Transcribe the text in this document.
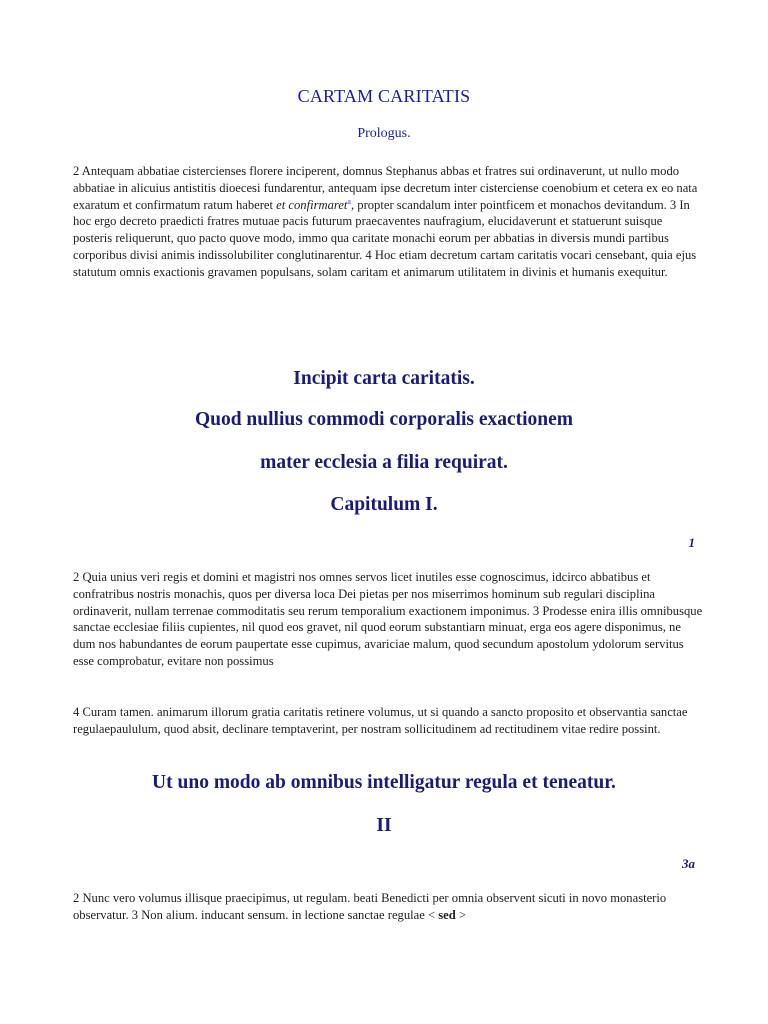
CARTAM CARITATIS
Prologus.
2 Antequam abbatiae cistercienses florere inciperent, domnus Stephanus abbas et fratres sui ordinaverunt, ut nullo modo abbatiae in alicuius antistitis dioecesi fundarentur, antequam ipse decretum inter cisterciense coenobium et cetera ex eo nata exaratum et confirmatum ratum haberet et confirmaret$^a$, propter scandalum inter pointficem et monachos devitandum. 3 In hoc ergo decreto praedicti fratres mutuae pacis futurum praecaventes naufragium, elucidaverunt et statuerunt suisque posteris reliquerunt, quo pacto quove modo, immo qua caritate monachi eorum per abbatias in diversis mundi partibus corporibus divisi animis indissolubiliter conglutinarentur. 4 Hoc etiam decretum cartam caritatis vocari censebant, quia ejus statutum omnis exactionis gravamen populsans, solam caritam et animarum utilitatem in divinis et humanis exequitur.
Incipit carta caritatis.
Quod nullius commodi corporalis exactionem
mater ecclesia a filia requirat.
Capitulum I.
1
2 Quia unius veri regis et domini et magistri nos omnes servos licet inutiles esse cognoscimus, idcirco abbatibus et confratribus nostris monachis, quos per diversa loca Dei pietas per nos miserrimos hominum sub regulari disciplina ordinaverit, nullam terrenae commoditatis seu rerum temporalium exactionem imponimus. 3 Prodesse enira illis omnibusque sanctae ecclesiae filiis cupientes, nil quod eos gravet, nil quod eorum substantiarn minuat, erga eos agere disponimus, ne dum nos habundantes de eorum paupertate esse cupimus, avariciae malum, quod secundum apostolum ydolorum servitus esse comprobatur, evitare non possimus
4 Curam tamen. animarum illorum gratia caritatis retinere volumus, ut si quando a sancto proposito et observantia sanctae regulaepaululum, quod absit, declinare temptaverint, per nostram sollicitudinem ad rectitudinem vitae redire possint.
Ut uno modo ab omnibus intelligatur regula et teneatur.
II
3a
2 Nunc vero volumus illisque praecipimus, ut regulam. beati Benedicti per omnia observent sicuti in novo monasterio observatur. 3 Non alium. inducant sensum. in lectione sanctae regulae < sed >
